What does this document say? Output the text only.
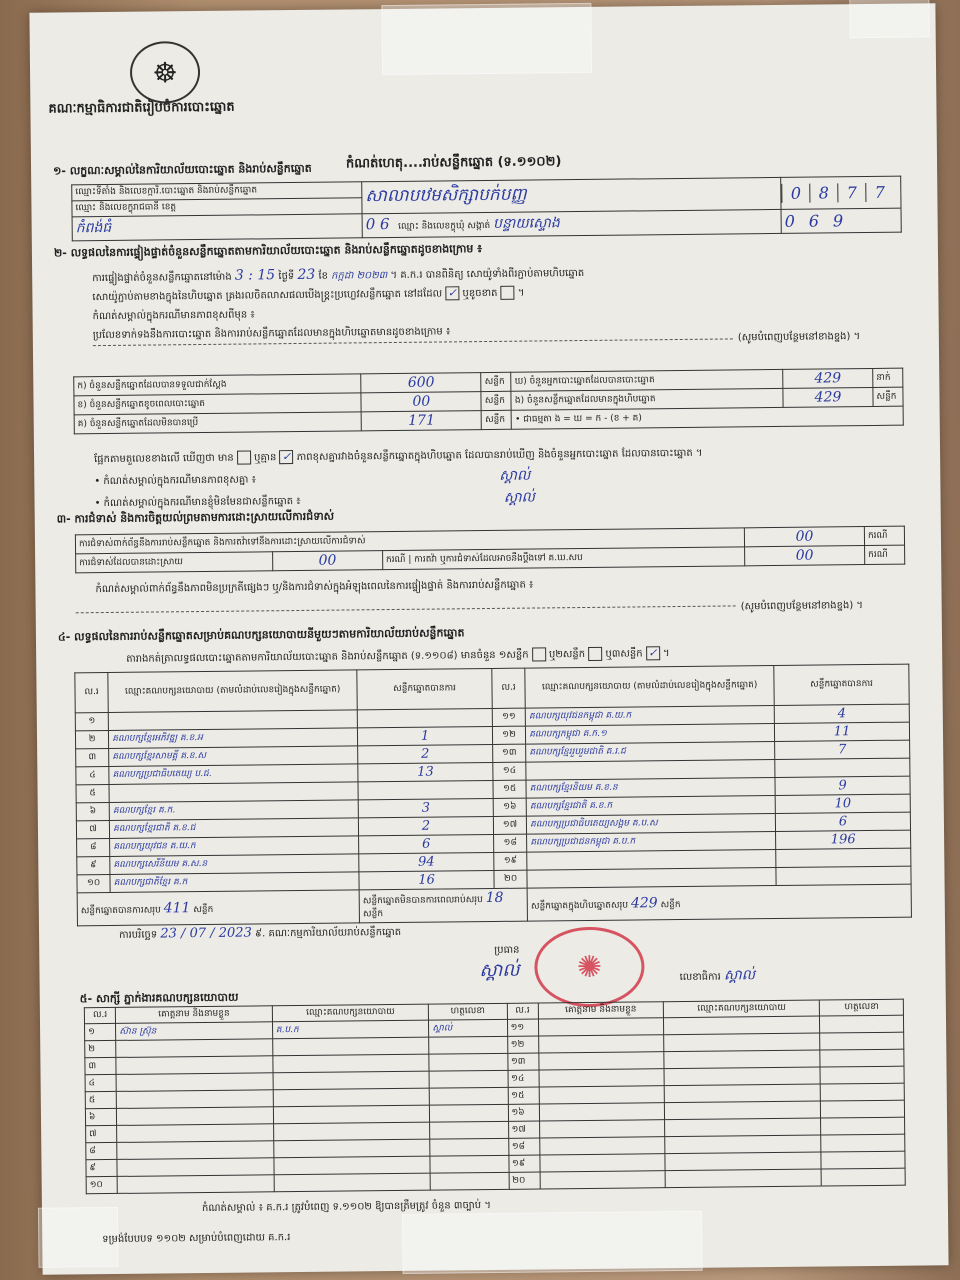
☸
គណៈកម្មាធិការជាតិរៀបចំការបោះឆ្នោត
កំណត់ហេតុ....រាប់សន្លឹកឆ្នោត (ទ.១១០២)
១- លក្ខណៈសម្គាល់នៃការិយាល័យបោះឆ្នោត និងរាប់សន្លឹកឆ្នោត
ឈ្មោះទីតាំង និងលេខក្ការិ.បោះឆ្នោត និងរាប់សន្លឹកឆ្នោត	សាលាបឋមសិក្សាបក់បញ្ញ	0 8 7 7
ឈ្មោះ និងលេខក្ខុរាជធានី ខេត្ត		
កំពង់ធំ	0 6 ឈ្មោះ និងលេខក្ខុឃុំ សង្កាត់ បន្ទាយស្ទោង	069
២- លទ្ធផលនៃការផ្ទៀងផ្ទាត់ចំនួនសន្លឹកឆ្នោតតាមការិយាល័យបោះឆ្នោត និងរាប់សន្លឹកឆ្នោតដូចខាងក្រោម ៖
ការផ្ទៀងផ្ទាត់ចំនួនសន្លឹកឆ្នោតនៅម៉ោង 3 : 15 ថ្ងៃទី 23 ខែ កក្កដា ២០២៣ ។ គ.ក.រ បានពិនិត្យ សោយ៉ូទាំងពីរភ្ជាប់តាមហិបឆ្នោត
សោយ៉ូភ្ជាប់តាមខាងក្នុងនៃហិបឆ្នោត គ្រងរលចិតលាសផលបើងខ្ព្រះប្រហ្លេវសន្លឹកឆ្នោត នៅដដែល ✓ ឬខូចខាត  ។
កំណត់សម្គាល់ក្នុងករណីមានភាពខុសពីមុន ៖
ប្រលែខទាក់ទងនឹងការបោះឆ្នោត និងការរាប់សន្លឹកឆ្នោតដែលមានក្នុងហិបឆ្នោតមានដូចខាងក្រោម ៖	(សូមបំពេញបន្ថែមនៅខាងខ្នង) ។
ក) ចំនួនសន្លឹកឆ្នោតដែលបានទទួលជាក់ស្តែង	600	សន្លឹក	ឃ) ចំនួនអ្នកបោះឆ្នោតដែលបានបោះឆ្នោត	429	នាក់
ខ) ចំនួនសន្លឹកឆ្នោតខូចពេលបោះឆ្នោត	00	សន្លឹក	ង) ចំនួនសន្លឹកឆ្នោតដែលមានក្នុងហិបឆ្នោត	429	សន្លឹក
គ) ចំនួនសន្លឹកឆ្នោតដែលមិនបានប្រើ	171	សន្លឹក	• ជាធម្មតា ង = ឃ = ក - (ខ + គ)		
ផ្អែកតាមតួលេខខាងលើ ឃើញថា មាន ឬគ្មាន ✓ ភាពខុសគ្នារវាងចំនួនសន្លឹកឆ្នោតក្នុងហិបឆ្នោត ដែលបានរាប់ឃើញ និងចំនួនអ្នកបោះឆ្នោត ដែលបានបោះឆ្នោត ។
• កំណត់សម្គាល់ក្នុងករណីមានភាពខុសគ្នា ៖	ស្គាល់
• កំណត់សម្គាល់ក្នុងករណីមានខ្ញុំមិនមែនជាសន្លឹកឆ្នោត ៖	ស្គាល់
៣- ការជំទាស់ និងការចិត្តយល់ព្រមតាមការដោះស្រាយលើការជំទាស់
ការជំទាស់ពាក់ព័ន្ធនឹងការរាប់សន្លឹកឆ្នោត និងការតវ៉ាទៅនឹងការដោះស្រាយលើការជំទាស់			00	ករណី
ការជំទាស់ដែលបានដោះស្រាយ	00	ករណី | ការតវ៉ា ឬការជំទាស់ដែលអាចនឹងប្តឹងទៅ គ.ឃ.សប	00	ករណី
កំណត់សម្គាល់ពាក់ព័ន្ធនឹងភាពមិនប្រក្រតីផ្សេងៗ ឬ/និងការជំទាស់ក្នុងអំឡុងពេលនៃការផ្ទៀងផ្ទាត់ និងការរាប់សន្លឹកឆ្នោត ៖
(សូមបំពេញបន្ថែមនៅខាងខ្នង) ។
៤- លទ្ធផលនៃការរាប់សន្លឹកឆ្នោតសម្រាប់គណបក្សនយោបាយនីមួយៗតាមការិយាល័យរាប់សន្លឹកឆ្នោត
តារាងកត់ត្រាលទ្ធផលបោះឆ្នោតតាមការិយាល័យបោះឆ្នោត និងរាប់សន្លឹកឆ្នោត (ទ.១១០៨) មានចំនួន ១សន្លឹក ឬ២សន្លឹក ឬ៣សន្លឹក ✓ ។
ល.រ	ឈ្មោះគណបក្សនយោបាយ (តាមលំដាប់លេខរៀងក្នុងសន្លឹកឆ្នោត)	សន្លឹកឆ្នោតបានការ	ល.រ	ឈ្មោះគណបក្សនយោបាយ (តាមលំដាប់លេខរៀងក្នុងសន្លឹកឆ្នោត)	សន្លឹកឆ្នោតបានការ
១			១១	គណបក្សយុវជនកម្ពុជា គ.យ.ក	4
២	គណបក្សខ្មែរអភិវឌ្ឍ គ.ខ.អ	1	១២	គណបក្សកម្ពុជា គ.ក.១	11
៣	គណបក្សខ្មែរសាមគ្គី គ.ខ.ស	2	១៣	គណបក្សខ្មែររួបរួមជាតិ គ.រ.ជ	7
៤	គណបក្សប្រជាធិបតេយ្យ ប.ជ.	13	១៤		
៥			១៥	គណបក្សខ្មែរនិយម គ.ខ.ន	9
៦	គណបក្សខ្មែរ គ.ក.	3	១៦	គណបក្សខ្មែរជាតិ គ.ខ.ក	10
៧	គណបក្សខ្មែរជាតិ គ.ខ.ជ	2	១៧	គណបក្សប្រជាធិបតេយ្យសង្គម គ.ប.ស	6
៨	គណបក្សយុវជន គ.យ.ក	6	១៨	គណបក្សប្រជាជនកម្ពុជា គ.ប.ក	196
៩	គណបក្សសេរីនិយម គ.ស.ន	94	១៩		
១០	គណបក្សជាតិខ្មែរ គ.ក	16	២០		
សន្លឹកឆ្នោតបានការសរុប 411 សន្លឹក		សន្លឹកឆ្នោតមិនបានការពេលរាប់សរុប 18 សន្លឹក		សន្លឹកឆ្នោតក្នុងហិបឆ្នោតសរុប 429 សន្លឹក	
ការបរិច្ឆេទ 23 / 07 / 2023 ៩. គណៈកម្មការិយាល័យរាប់សន្លឹកឆ្នោត
ប្រធាន
ស្គាល់	✺	លេខាធិការ ស្គាល់
៥- សាក្សី ភ្នាក់ងារគណបក្សនយោបាយ
ល.រ	គោត្តនាម និងនាមខ្លួន	ឈ្មោះគណបក្សនយោបាយ	ហត្ថលេខា	ល.រ	គោត្តនាម និងនាមខ្លួន	ឈ្មោះគណបក្សនយោបាយ	ហត្ថលេខា
១	ស៊ាន ស្រ៊ុន	គ.ប.ក	ស្គាល់	១១			
២				១២			
៣				១៣			
៤				១៤			
៥				១៥			
៦				១៦			
៧				១៧			
៨				១៨			
៩				១៩			
១០				២០			
កំណត់សម្គាល់ ៖ គ.ក.រ ត្រូវបំពេញ ទ.១១០២ ឱ្យបានត្រឹមត្រូវ ចំនួន ៣ច្បាប់ ។
ទម្រង់បែបបទ ១១០២ សម្រាប់បំពេញដោយ គ.ក.រ
